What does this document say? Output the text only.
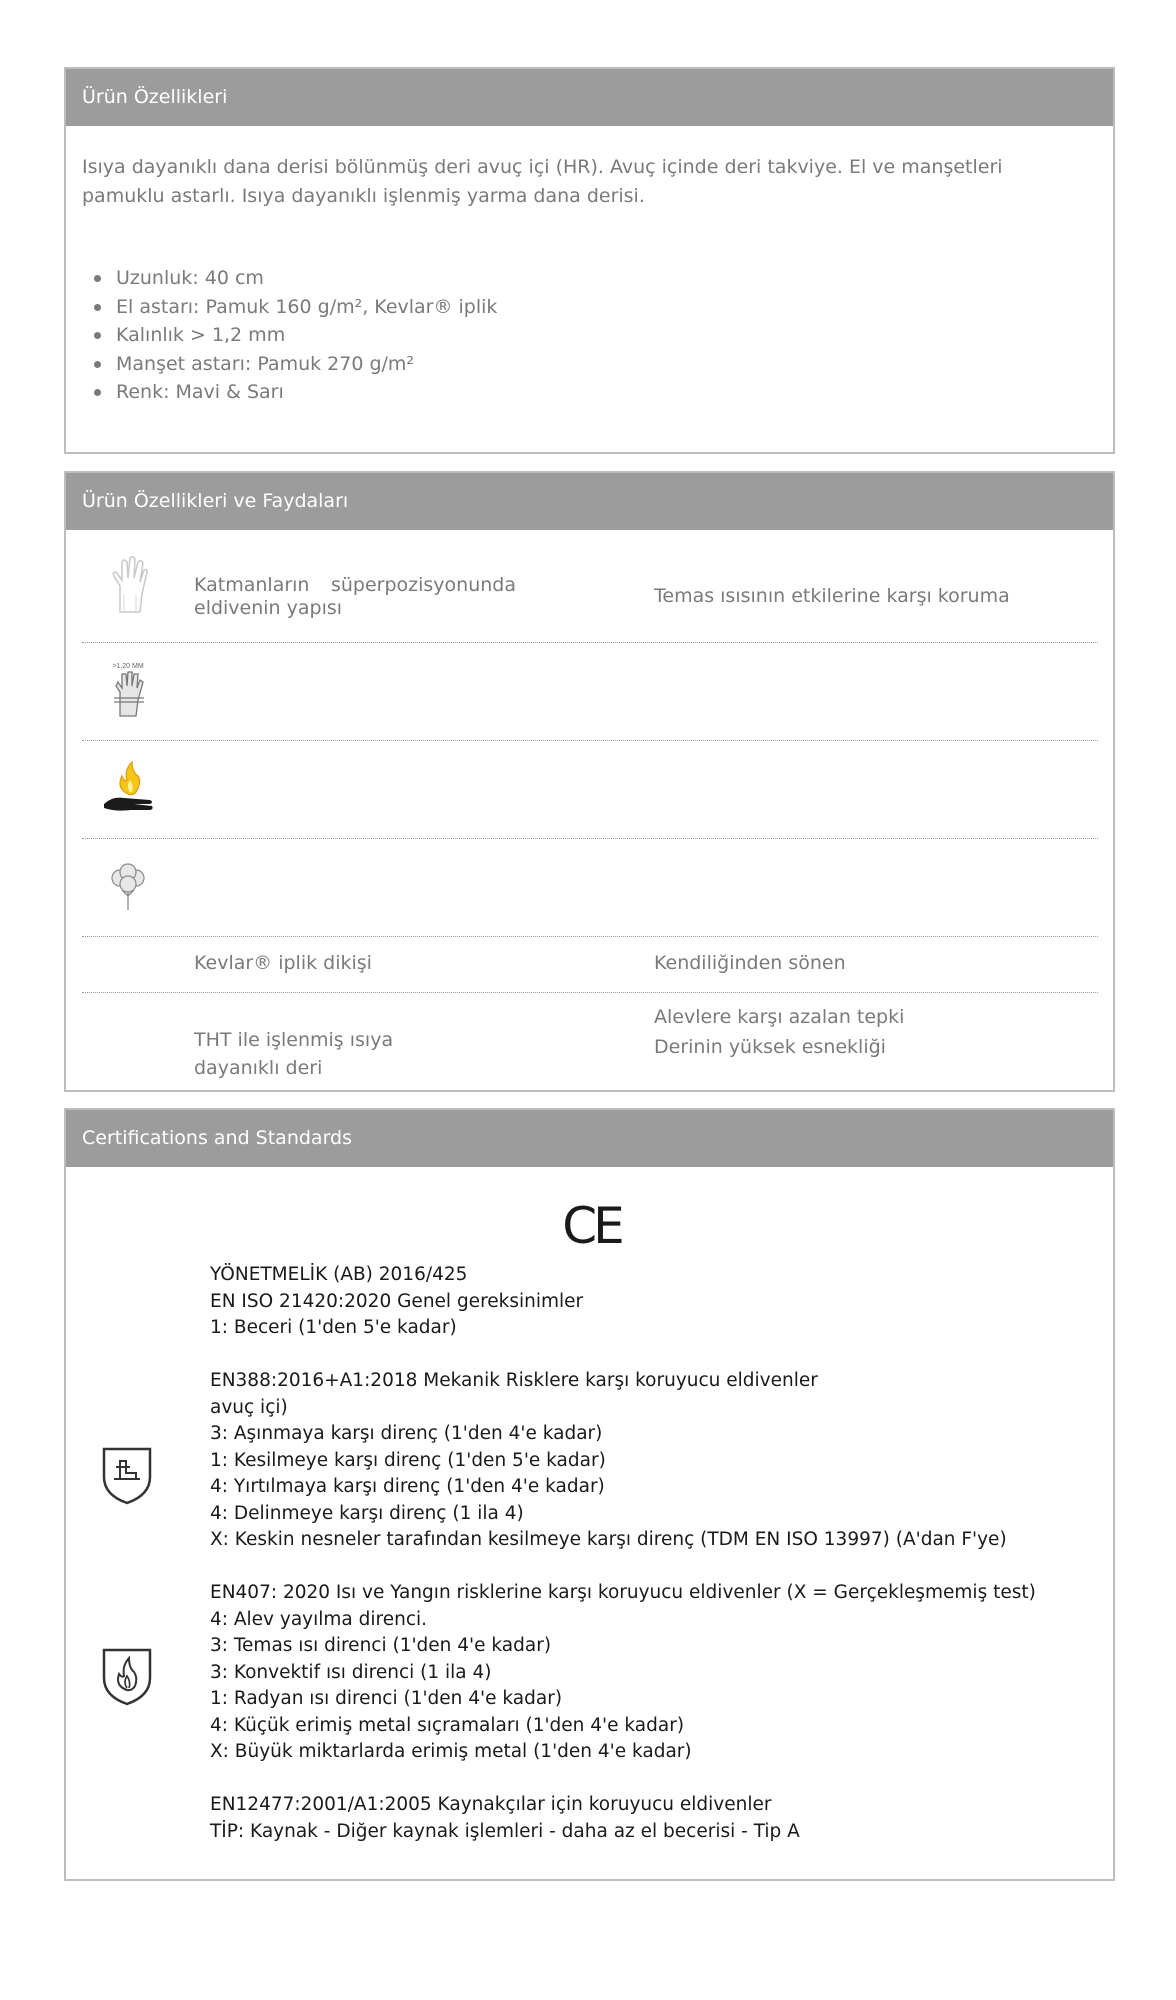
Ürün Özellikleri
Isıya dayanıklı dana derisi bölünmüş deri avuç içi (HR). Avuç içinde deri takviye. El ve manşetleri pamuklu astarlı. Isıya dayanıklı işlenmiş yarma dana derisi.
Uzunluk: 40 cm
El astarı: Pamuk 160 g/m², Kevlar® iplik
Kalınlık > 1,2 mm
Manşet astarı: Pamuk 270 g/m²
Renk: Mavi & Sarı
Ürün Özellikleri ve Faydaları
Katmanların süperpozisyonunda eldivenin yapısı
Temas ısısının etkilerine karşı koruma
>1,20 MM
Kevlar® iplik dikişi	Kendiliğinden sönen
THT ile işlenmiş ısıya dayanıklı deri
Alevlere karşı azalan tepki
Derinin yüksek esnekliği
Certifications and Standards
CE
YÖNETMELİK (AB) 2016/425
EN ISO 21420:2020 Genel gereksinimler
1: Beceri (1'den 5'e kadar)
EN388:2016+A1:2018 Mekanik Risklere karşı koruyucu eldivenler
avuç içi)
3: Aşınmaya karşı direnç (1'den 4'e kadar)
1: Kesilmeye karşı direnç (1'den 5'e kadar)
4: Yırtılmaya karşı direnç (1'den 4'e kadar)
4: Delinmeye karşı direnç (1 ila 4)
X: Keskin nesneler tarafından kesilmeye karşı direnç (TDM EN ISO 13997) (A'dan F'ye)
EN407: 2020 Isı ve Yangın risklerine karşı koruyucu eldivenler (X = Gerçekleşmemiş test)
4: Alev yayılma direnci.
3: Temas ısı direnci (1'den 4'e kadar)
3: Konvektif ısı direnci (1 ila 4)
1: Radyan ısı direnci (1'den 4'e kadar)
4: Küçük erimiş metal sıçramaları (1'den 4'e kadar)
X: Büyük miktarlarda erimiş metal (1'den 4'e kadar)
EN12477:2001/A1:2005 Kaynakçılar için koruyucu eldivenler
TİP: Kaynak - Diğer kaynak işlemleri - daha az el becerisi - Tip A
